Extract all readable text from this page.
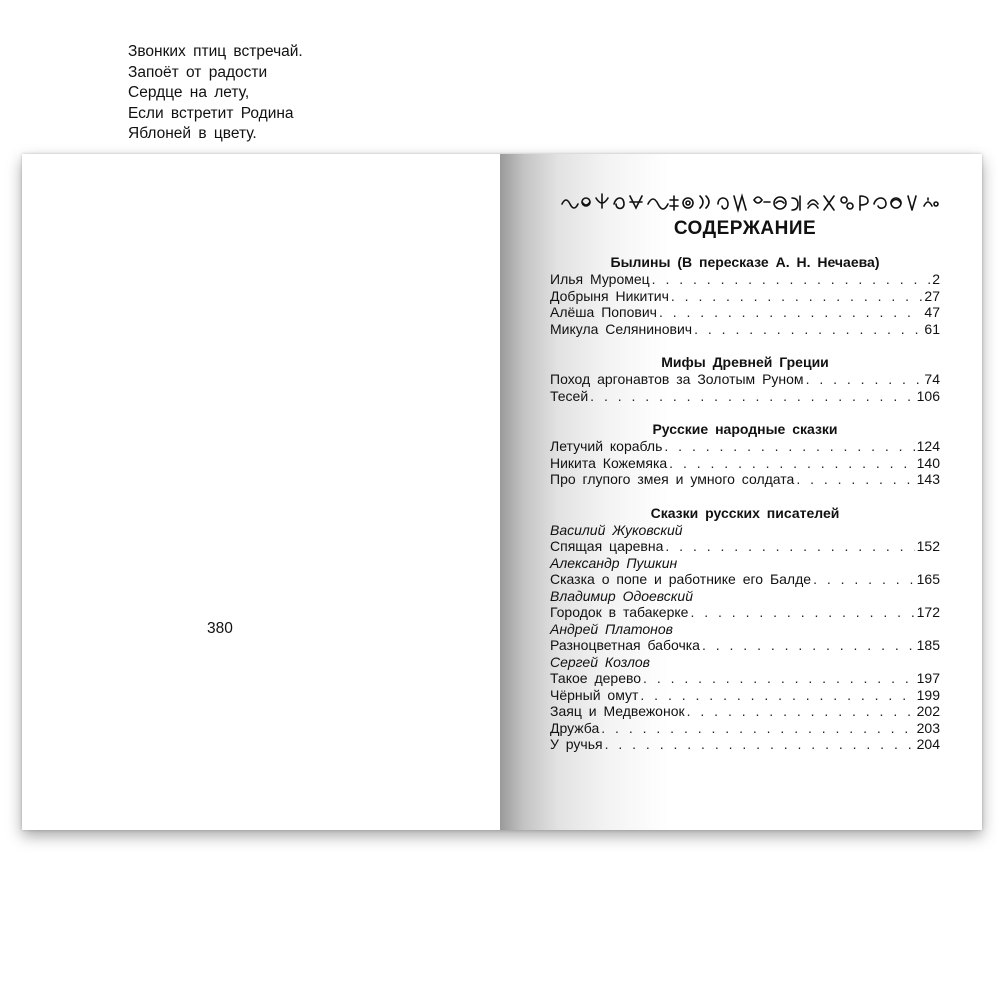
Звонких птиц встречай.
Запоёт от радости
Сердце на лету,
Если встретит Родина
Яблоней в цвету.
380
СОДЕРЖАНИЕ
Былины (В пересказе А. Н. Нечаева)
Илья Муромец . . .	2
Добрыня Никитич . . .	27
Алёша Попович . . .	47
Микула Селянинович . . .	61
Мифы Древней Греции
Поход аргонавтов за Золотым Руном . . .	74
Тесей . . .	106
Русские народные сказки
Летучий корабль . . .	124
Никита Кожемяка . . .	140
Про глупого змея и умного солдата . . .	143
Сказки русских писателей
Василий Жуковский
Спящая царевна . . .	152
Александр Пушкин
Сказка о попе и работнике его Балде . . .	165
Владимир Одоевский
Городок в табакерке . . .	172
Андрей Платонов
Разноцветная бабочка . . .	185
Сергей Козлов
Такое дерево . . .	197
Чёрный омут . . .	199
Заяц и Медвежонок . . .	202
Дружба . . .	203
У ручья . . .	204
